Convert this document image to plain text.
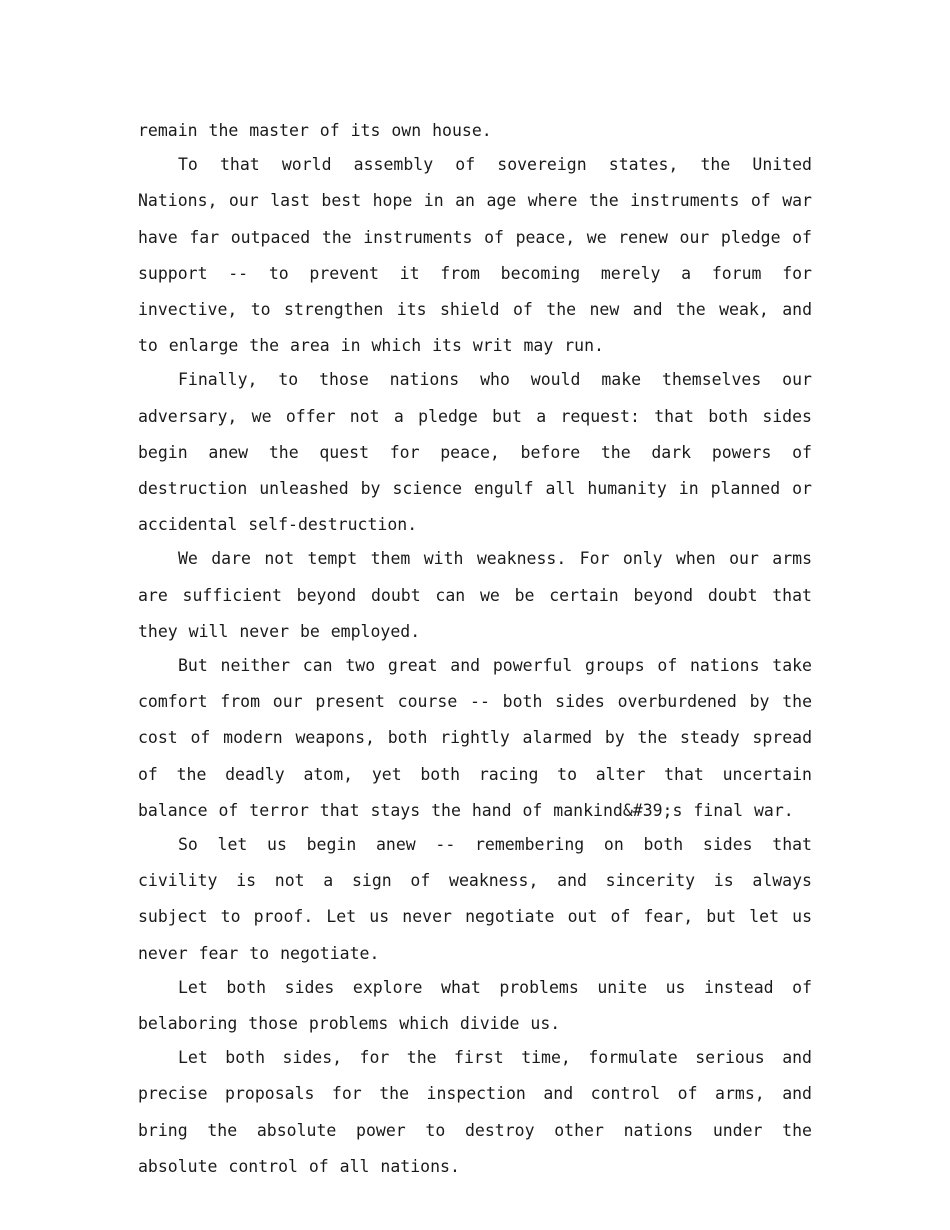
remain the master of its own house.

To that world assembly of sovereign states, the United Nations, our last best hope in an age where the instruments of war have far outpaced the instruments of peace, we renew our pledge of support -- to prevent it from becoming merely a forum for invective, to strengthen its shield of the new and the weak, and to enlarge the area in which its writ may run.

Finally, to those nations who would make themselves our adversary, we offer not a pledge but a request: that both sides begin anew the quest for peace, before the dark powers of destruction unleashed by science engulf all humanity in planned or accidental self-destruction.

We dare not tempt them with weakness. For only when our arms are sufficient beyond doubt can we be certain beyond doubt that they will never be employed.

But neither can two great and powerful groups of nations take comfort from our present course -- both sides overburdened by the cost of modern weapons, both rightly alarmed by the steady spread of the deadly atom, yet both racing to alter that uncertain balance of terror that stays the hand of mankind&#39;s final war.

So let us begin anew -- remembering on both sides that civility is not a sign of weakness, and sincerity is always subject to proof. Let us never negotiate out of fear, but let us never fear to negotiate.

Let both sides explore what problems unite us instead of belaboring those problems which divide us.

Let both sides, for the first time, formulate serious and precise proposals for the inspection and control of arms, and bring the absolute power to destroy other nations under the absolute control of all nations.
